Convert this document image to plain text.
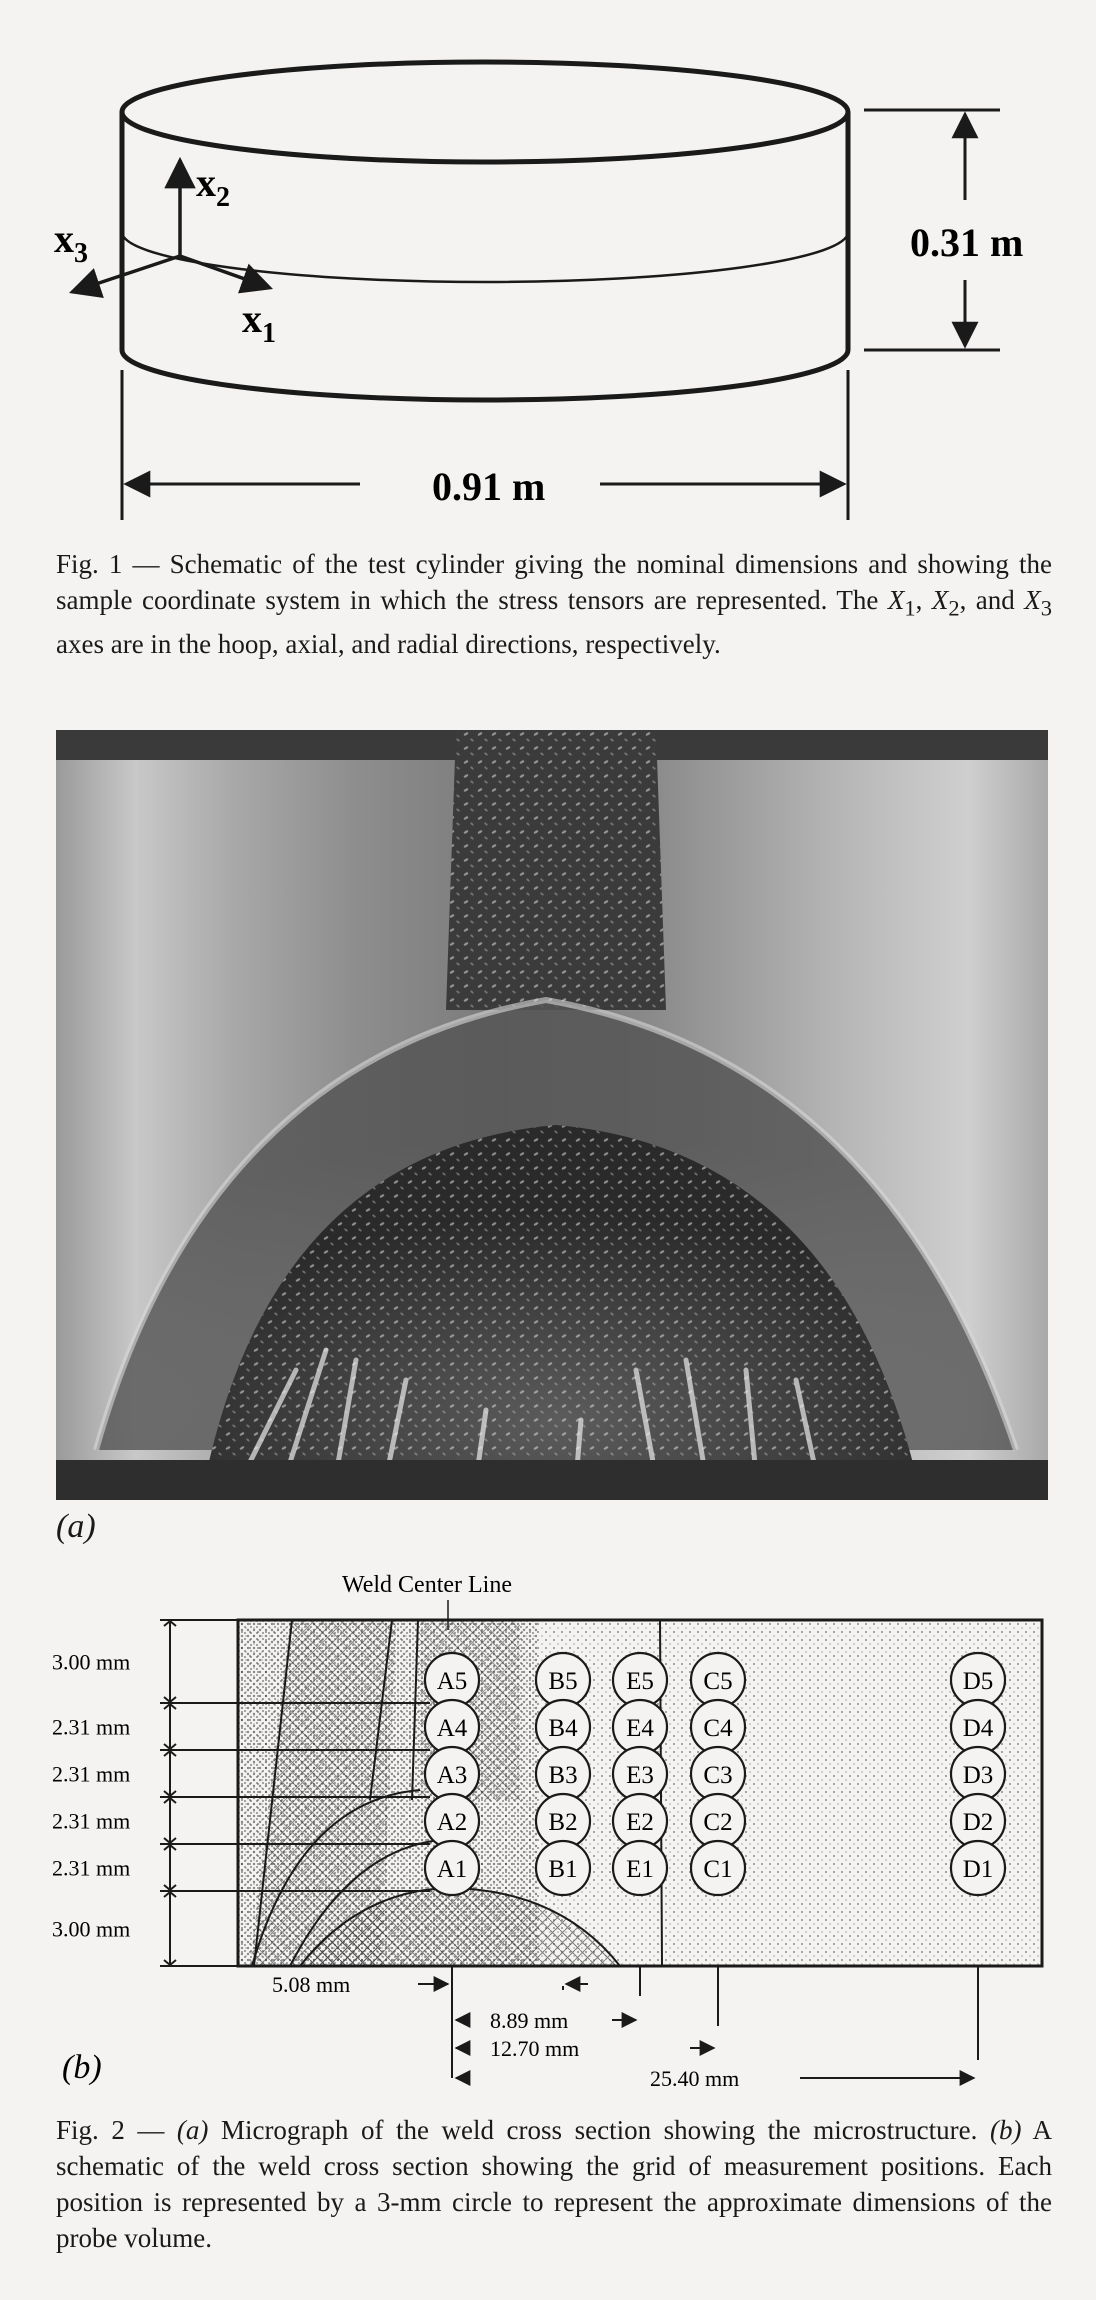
$x_2$
$x_3$
$x_1$
0.31 m
0.91 m

Fig. 1 — Schematic of the test cylinder giving the nominal dimensions and showing the sample coordinate system in which the stress tensors are represented. The $X_1$, $X_2$, and $X_3$ axes are in the hoop, axial, and radial directions, respectively.

(a)
Weld Center Line
3.00 mm
2.31 mm
2.31 mm
2.31 mm
2.31 mm
3.00 mm
A5
A4
A3
A2
A1
B5
B4
B3
B2
B1
E5
E4
E3
E2
E1
C5
C4
C3
C2
C1
D5
D4
D3
D2
D1
5.08 mm
8.89 mm
12.70 mm
25.40 mm
(b)

Fig. 2 — (a) Micrograph of the weld cross section showing the microstructure. (b) A schematic of the weld cross section showing the grid of measurement positions. Each position is represented by a 3-mm circle to represent the approximate dimensions of the probe volume.
